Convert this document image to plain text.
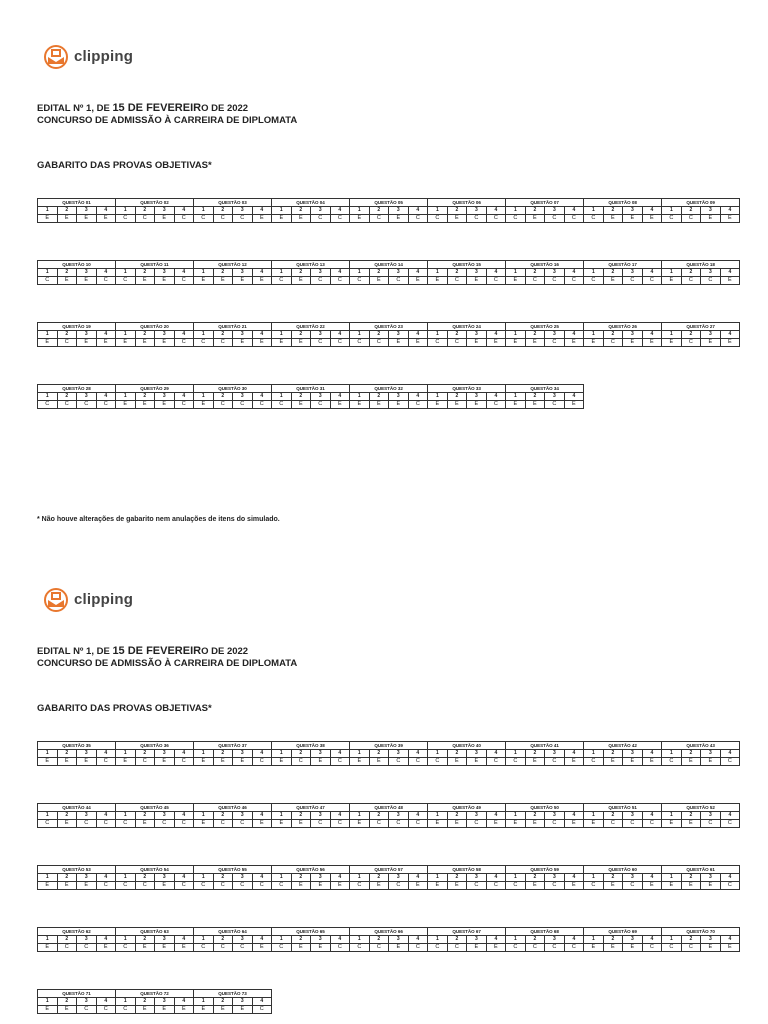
clipping
EDITAL Nº 1, DE 15 DE FEVEREIRO DE 2022
CONCURSO DE ADMISSÃO À CARREIRA DE DIPLOMATA
GABARITO DAS PROVAS OBJETIVAS*
QUESTÃO 01				QUESTÃO 02				QUESTÃO 03				QUESTÃO 04				QUESTÃO 05				QUESTÃO 06				QUESTÃO 07				QUESTÃO 08				QUESTÃO 09			
1	2	3	4	1	2	3	4	1	2	3	4	1	2	3	4	1	2	3	4	1	2	3	4	1	2	3	4	1	2	3	4	1	2	3	4
E	E	E	E	C	C	E	C	C	C	C	E	E	E	C	C	E	C	E	C	C	E	C	C	C	E	C	C	C	E	E	E	C	C	E	E
QUESTÃO 10				QUESTÃO 11				QUESTÃO 12				QUESTÃO 13				QUESTÃO 14				QUESTÃO 15				QUESTÃO 16				QUESTÃO 17				QUESTÃO 18			
1	2	3	4	1	2	3	4	1	2	3	4	1	2	3	4	1	2	3	4	1	2	3	4	1	2	3	4	1	2	3	4	1	2	3	4
C	E	E	C	C	E	E	C	E	E	E	E	C	E	C	C	C	E	C	E	E	C	E	C	E	C	C	C	C	E	C	C	E	C	C	E
QUESTÃO 19				QUESTÃO 20				QUESTÃO 21				QUESTÃO 22				QUESTÃO 23				QUESTÃO 24				QUESTÃO 25				QUESTÃO 26				QUESTÃO 27			
1	2	3	4	1	2	3	4	1	2	3	4	1	2	3	4	1	2	3	4	1	2	3	4	1	2	3	4	1	2	3	4	1	2	3	4
E	C	E	E	E	E	E	C	C	C	E	E	E	E	C	C	C	C	E	E	C	C	E	E	E	E	C	E	E	C	E	E	E	C	E	E
QUESTÃO 28				QUESTÃO 29				QUESTÃO 30				QUESTÃO 31				QUESTÃO 32				QUESTÃO 33				QUESTÃO 34			
1	2	3	4	1	2	3	4	1	2	3	4	1	2	3	4	1	2	3	4	1	2	3	4	1	2	3	4
C	C	C	C	E	E	E	C	E	C	C	C	C	E	C	E	E	E	E	C	E	E	E	C	E	E	C	E
* Não houve alterações de gabarito nem anulações de itens do simulado.
clipping
EDITAL Nº 1, DE 15 DE FEVEREIRO DE 2022
CONCURSO DE ADMISSÃO À CARREIRA DE DIPLOMATA
GABARITO DAS PROVAS OBJETIVAS*
QUESTÃO 35				QUESTÃO 36				QUESTÃO 37				QUESTÃO 38				QUESTÃO 39				QUESTÃO 40				QUESTÃO 41				QUESTÃO 42				QUESTÃO 43			
1	2	3	4	1	2	3	4	1	2	3	4	1	2	3	4	1	2	3	4	1	2	3	4	1	2	3	4	1	2	3	4	1	2	3	4
E	E	E	C	E	C	E	C	E	E	E	C	E	C	E	C	E	E	C	C	C	E	E	C	C	E	C	E	C	E	E	E	C	E	E	C
QUESTÃO 44				QUESTÃO 45				QUESTÃO 46				QUESTÃO 47				QUESTÃO 48				QUESTÃO 49				QUESTÃO 50				QUESTÃO 51				QUESTÃO 52			
1	2	3	4	1	2	3	4	1	2	3	4	1	2	3	4	1	2	3	4	1	2	3	4	1	2	3	4	1	2	3	4	1	2	3	4
C	E	C	C	C	E	C	C	E	C	C	E	E	E	C	C	E	C	C	C	E	E	C	E	E	E	C	E	E	C	C	C	E	E	C	C
QUESTÃO 53				QUESTÃO 54				QUESTÃO 55				QUESTÃO 56				QUESTÃO 57				QUESTÃO 58				QUESTÃO 59				QUESTÃO 60				QUESTÃO 61			
1	2	3	4	1	2	3	4	1	2	3	4	1	2	3	4	1	2	3	4	1	2	3	4	1	2	3	4	1	2	3	4	1	2	3	4
E	E	E	C	C	C	E	C	C	C	C	C	C	E	E	E	C	E	C	E	E	E	C	C	C	E	C	E	C	E	C	E	E	E	E	C
QUESTÃO 62				QUESTÃO 63				QUESTÃO 64				QUESTÃO 65				QUESTÃO 66				QUESTÃO 67				QUESTÃO 68				QUESTÃO 69				QUESTÃO 70			
1	2	3	4	1	2	3	4	1	2	3	4	1	2	3	4	1	2	3	4	1	2	3	4	1	2	3	4	1	2	3	4	1	2	3	4
E	C	C	E	C	E	E	E	C	C	C	E	C	E	E	C	C	C	E	C	C	C	E	E	C	C	C	C	E	E	E	C	C	C	E	E
QUESTÃO 71				QUESTÃO 72				QUESTÃO 73			
1	2	3	4	1	2	3	4	1	2	3	4
E	E	C	C	C	E	E	E	E	E	E	C
